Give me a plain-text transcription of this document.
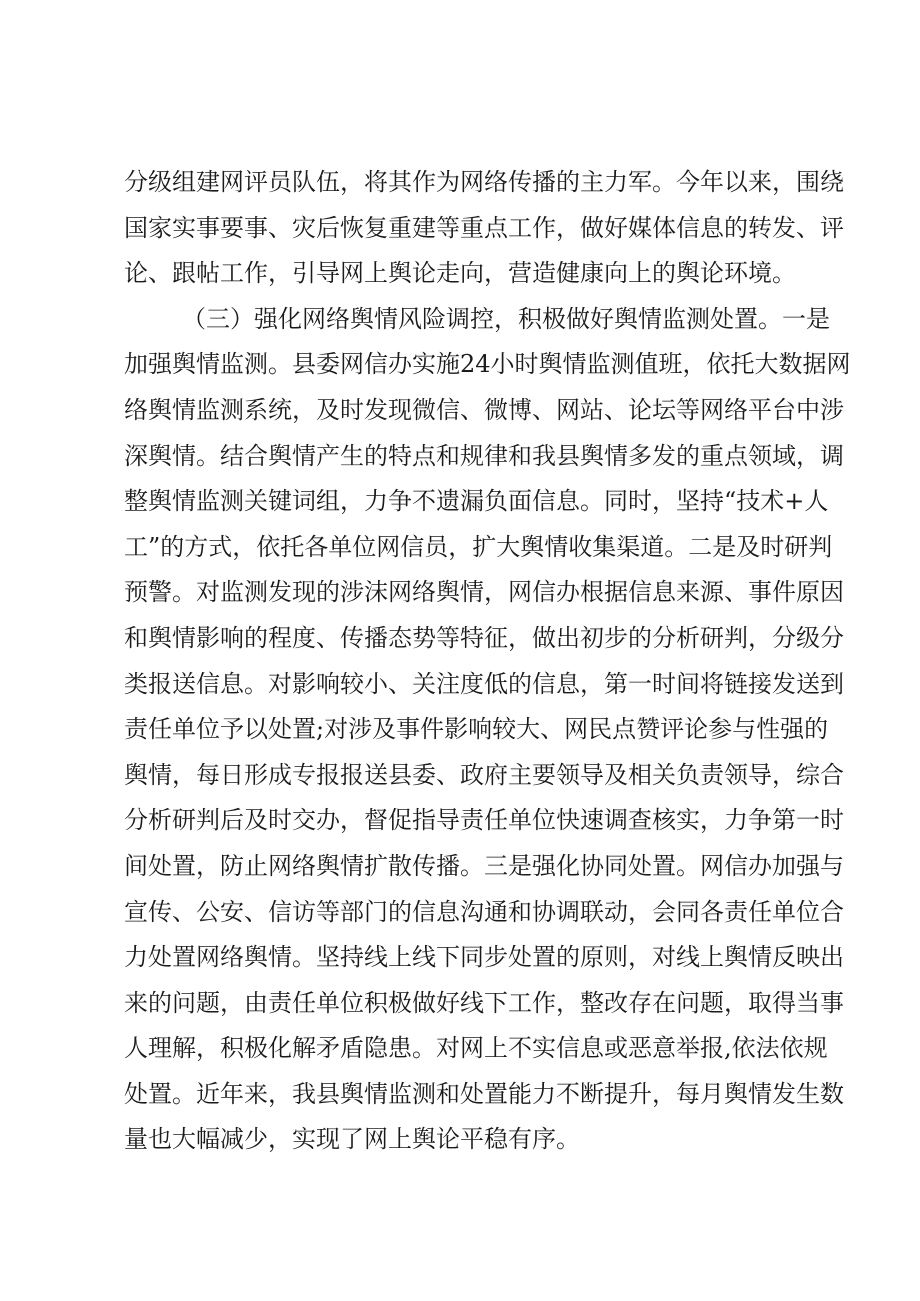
分级组建网评员队伍，将其作为网络传播的主力军。今年以来，围绕
国家实事要事、灾后恢复重建等重点工作，做好媒体信息的转发、评
论、跟帖工作，引导网上舆论走向，营造健康向上的舆论环境。
（三）强化网络舆情风险调控，积极做好舆情监测处置。一是
加强舆情监测。县委网信办实施24小时舆情监测值班，依托大数据网
络舆情监测系统，及时发现微信、微博、网站、论坛等网络平台中涉
深舆情。结合舆情产生的特点和规律和我县舆情多发的重点领域，调
整舆情监测关键词组，力争不遗漏负面信息。同时，坚持“技术+人
工”的方式，依托各单位网信员，扩大舆情收集渠道。二是及时研判
预警。对监测发现的涉沫网络舆情，网信办根据信息来源、事件原因
和舆情影响的程度、传播态势等特征，做出初步的分析研判，分级分
类报送信息。对影响较小、关注度低的信息，第一时间将链接发送到
责任单位予以处置;对涉及事件影响较大、网民点赞评论参与性强的
舆情，每日形成专报报送县委、政府主要领导及相关负责领导，综合
分析研判后及时交办，督促指导责任单位快速调查核实，力争第一时
间处置，防止网络舆情扩散传播。三是强化协同处置。网信办加强与
宣传、公安、信访等部门的信息沟通和协调联动，会同各责任单位合
力处置网络舆情。坚持线上线下同步处置的原则，对线上舆情反映出
来的问题，由责任单位积极做好线下工作，整改存在问题，取得当事
人理解，积极化解矛盾隐患。对网上不实信息或恶意举报,依法依规
处置。近年来，我县舆情监测和处置能力不断提升，每月舆情发生数
量也大幅减少，实现了网上舆论平稳有序。
